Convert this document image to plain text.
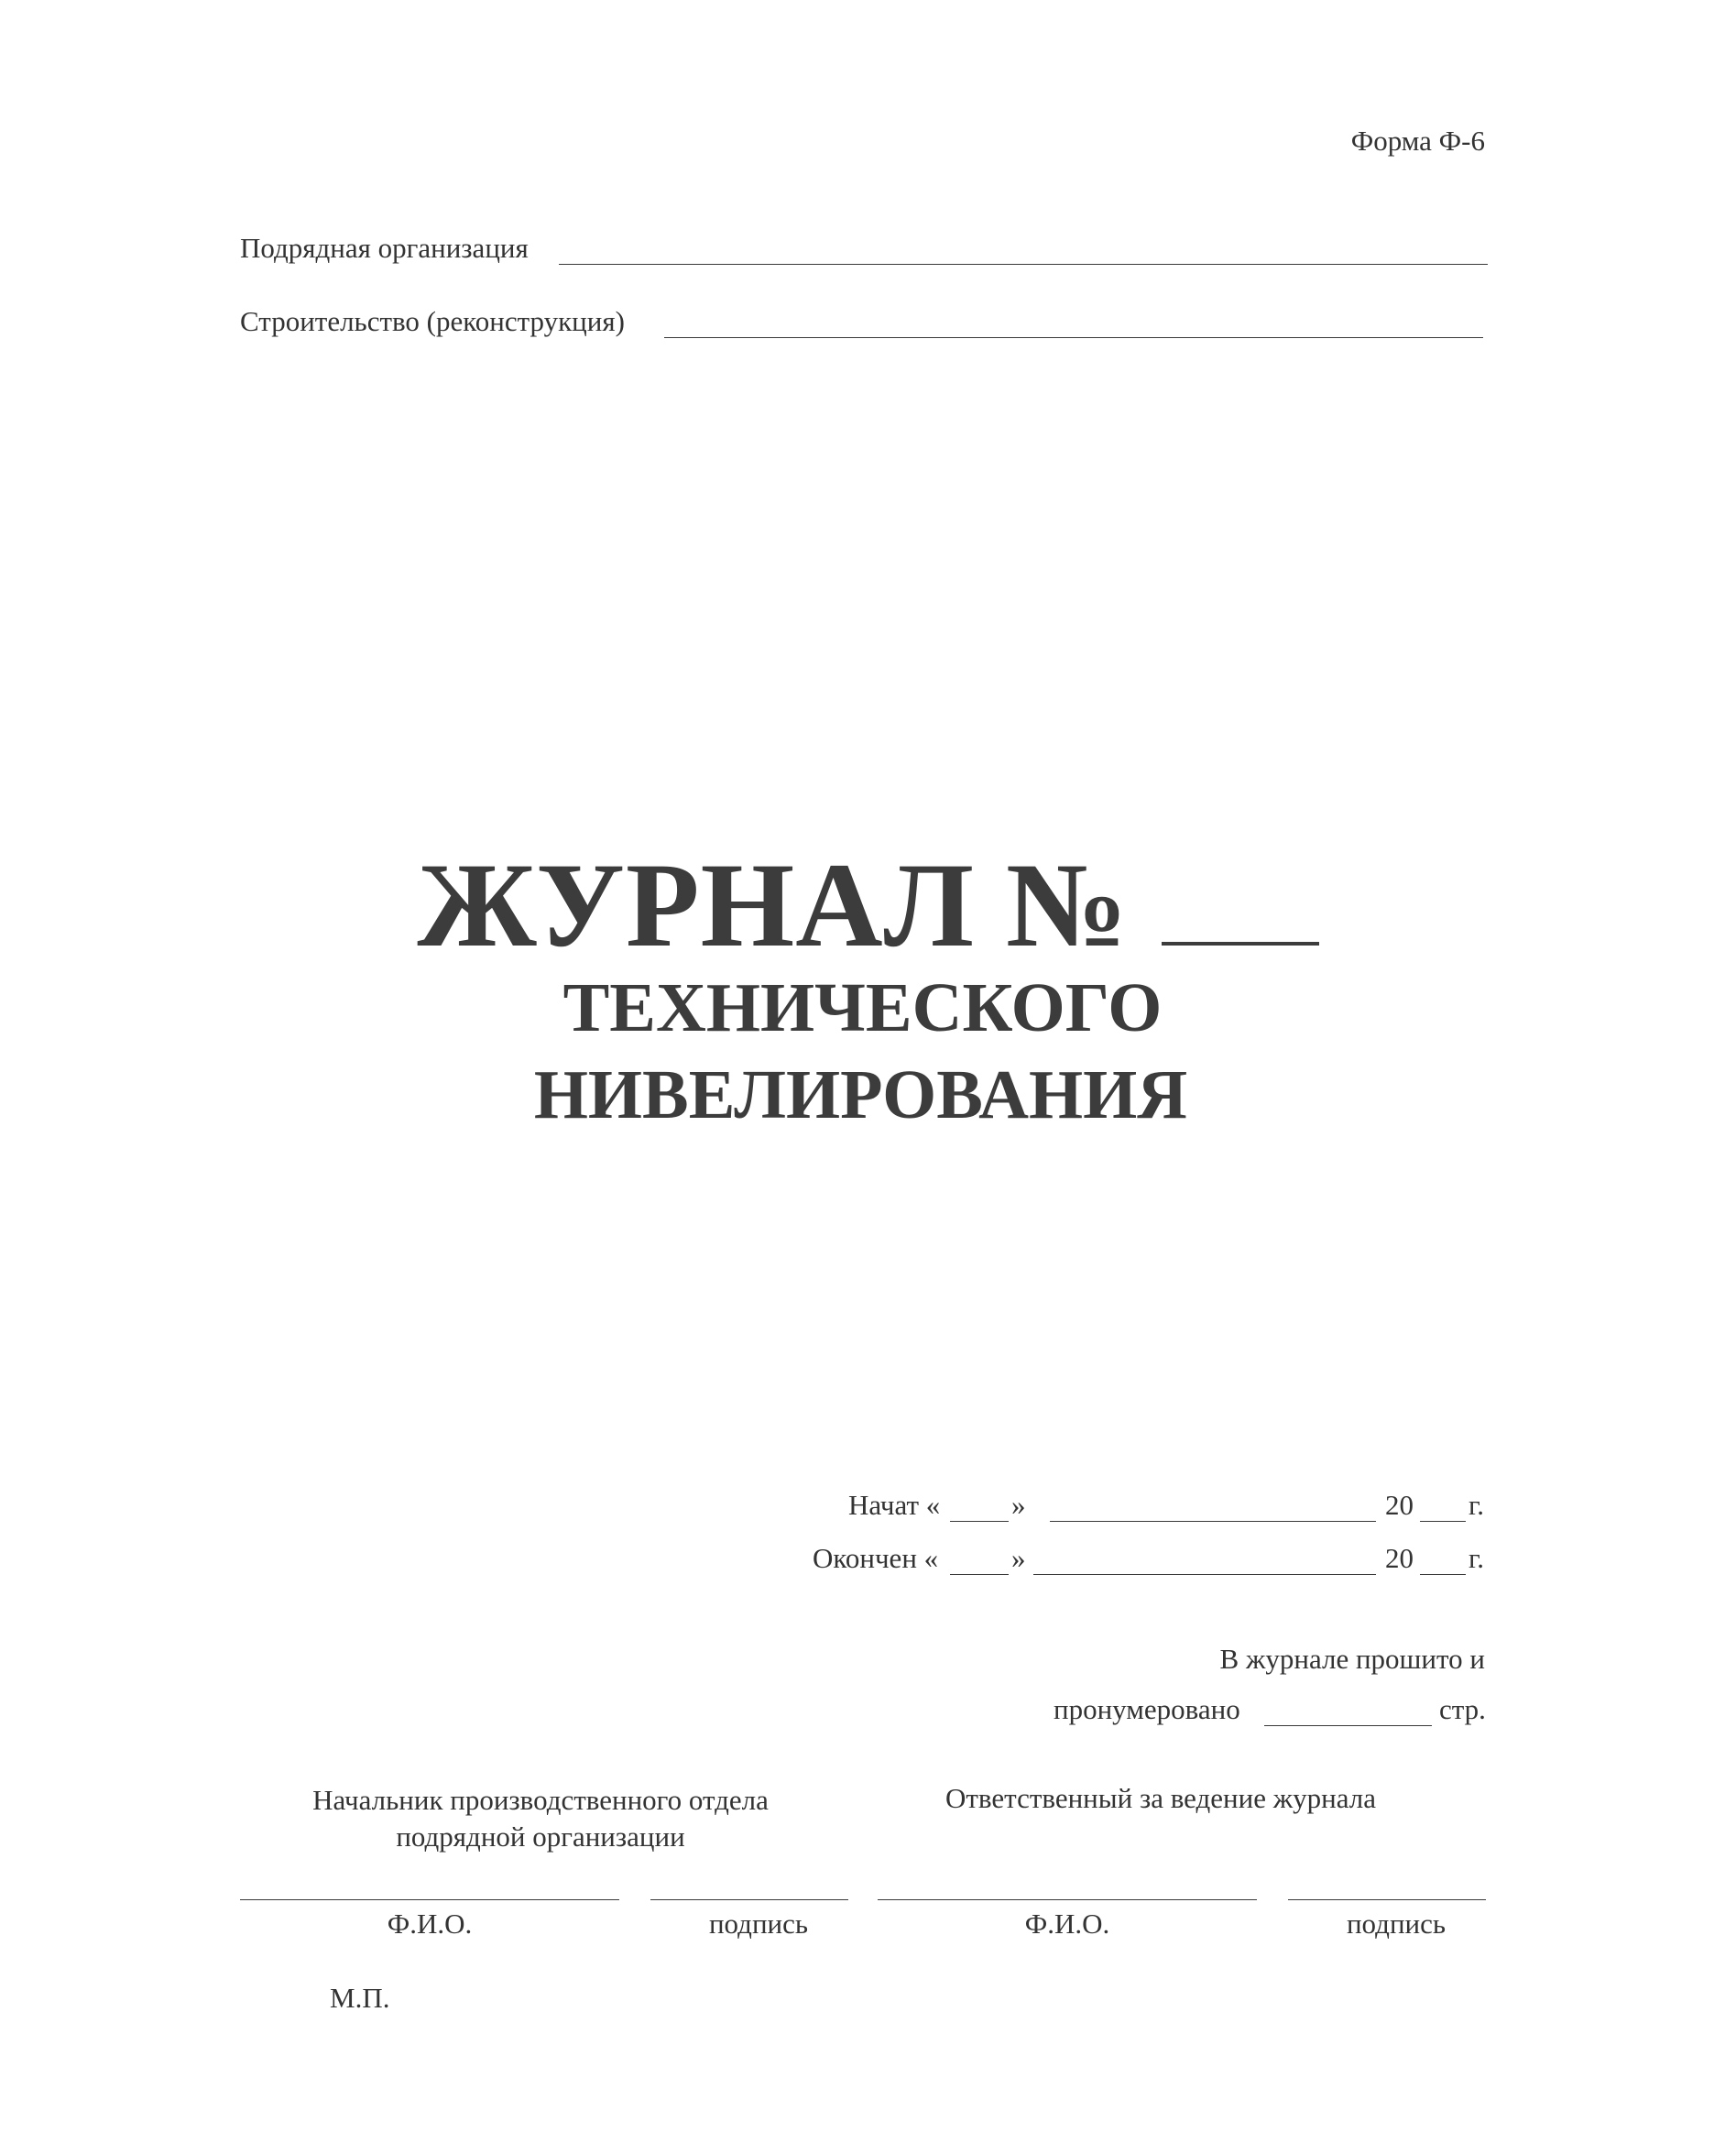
Форма Ф-6
Подрядная организация
Строительство (реконструкция)
ЖУРНАЛ №
ТЕХНИЧЕСКОГО
НИВЕЛИРОВАНИЯ
Начат «	»	20 г.
Окончен «	»	20 г.
В журнале прошито и
пронумеровано	стр.
Начальник производственного отдела подрядной организации
Ответственный за ведение журнала
Ф.И.О.	подпись	Ф.И.О.	подпись
М.П.
